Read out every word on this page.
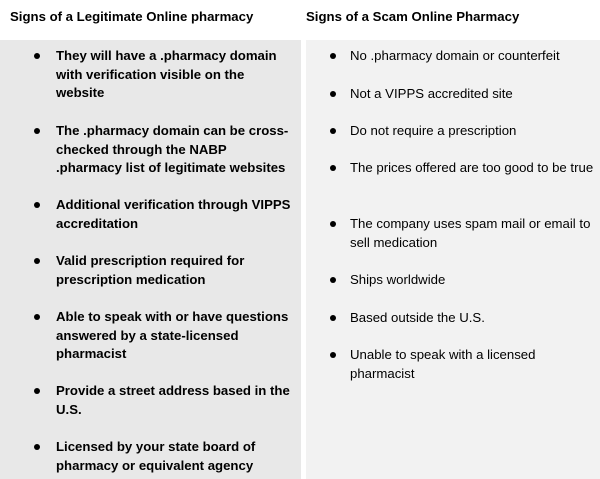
Signs of a Legitimate Online pharmacy	Signs of a Scam Online Pharmacy
They will have a .pharmacy domain with verification visible on the website
The .pharmacy domain can be cross-checked through the NABP .pharmacy list of legitimate websites
Additional verification through VIPPS accreditation
Valid prescription required for prescription medication
Able to speak with or have questions answered by a state-licensed pharmacist
Provide a street address based in the U.S.
Licensed by your state board of pharmacy or equivalent agency
No .pharmacy domain or counterfeit
Not a VIPPS accredited site
Do not require a prescription
The prices offered are too good to be true
The company uses spam mail or email to sell medication
Ships worldwide
Based outside the U.S.
Unable to speak with a licensed pharmacist
